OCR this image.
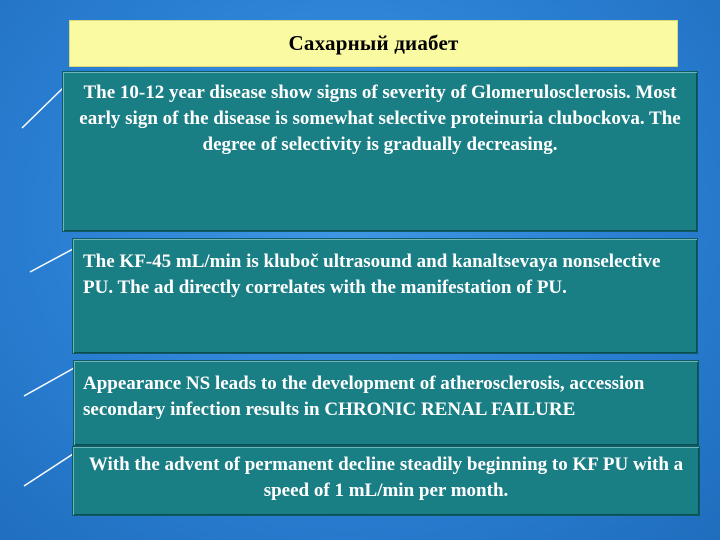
Сахарный диабет
The 10-12 year disease show signs of severity of Glomerulosclerosis. Most early sign of the disease is somewhat selective proteinuria clubockova. The degree of selectivity is gradually decreasing.
The KF-45 mL/min is kluboč ultrasound and kanaltsevaya nonselective PU. The ad directly correlates with the manifestation of PU.
Appearance NS leads to the development of atherosclerosis, accession secondary infection results in CHRONIC RENAL FAILURE
With the advent of permanent decline steadily beginning to KF PU with a speed of 1 mL/min per month.
